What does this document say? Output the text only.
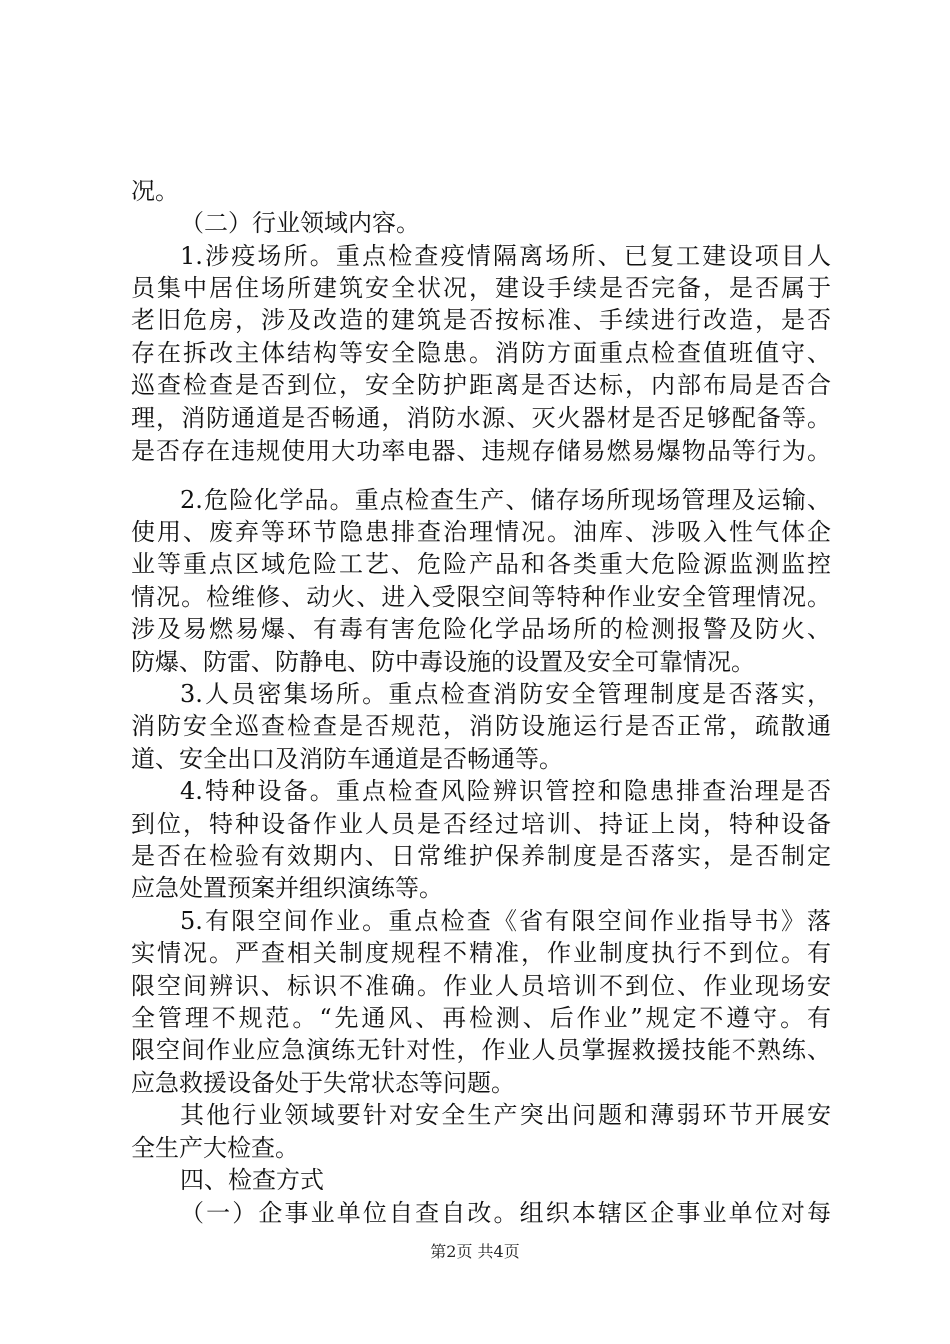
况。
（二）行业领域内容。
1.涉疫场所。重点检查疫情隔离场所、已复工建设项目人
员集中居住场所建筑安全状况，建设手续是否完备，是否属于
老旧危房，涉及改造的建筑是否按标准、手续进行改造，是否
存在拆改主体结构等安全隐患。消防方面重点检查值班值守、
巡查检查是否到位，安全防护距离是否达标，内部布局是否合
理，消防通道是否畅通，消防水源、灭火器材是否足够配备等。
是否存在违规使用大功率电器、违规存储易燃易爆物品等行为。
2.危险化学品。重点检查生产、储存场所现场管理及运输、
使用、废弃等环节隐患排查治理情况。油库、涉吸入性气体企
业等重点区域危险工艺、危险产品和各类重大危险源监测监控
情况。检维修、动火、进入受限空间等特种作业安全管理情况。
涉及易燃易爆、有毒有害危险化学品场所的检测报警及防火、
防爆、防雷、防静电、防中毒设施的设置及安全可靠情况。
3.人员密集场所。重点检查消防安全管理制度是否落实，
消防安全巡查检查是否规范，消防设施运行是否正常，疏散通
道、安全出口及消防车通道是否畅通等。
4.特种设备。重点检查风险辨识管控和隐患排查治理是否
到位，特种设备作业人员是否经过培训、持证上岗，特种设备
是否在检验有效期内、日常维护保养制度是否落实，是否制定
应急处置预案并组织演练等。
5.有限空间作业。重点检查《省有限空间作业指导书》落
实情况。严查相关制度规程不精准，作业制度执行不到位。有
限空间辨识、标识不准确。作业人员培训不到位、作业现场安
全管理不规范。“先通风、再检测、后作业”规定不遵守。有
限空间作业应急演练无针对性，作业人员掌握救援技能不熟练、
应急救援设备处于失常状态等问题。
其他行业领域要针对安全生产突出问题和薄弱环节开展安
全生产大检查。
四、检查方式
（一）企事业单位自查自改。组织本辖区企事业单位对每
第2页 共4页
